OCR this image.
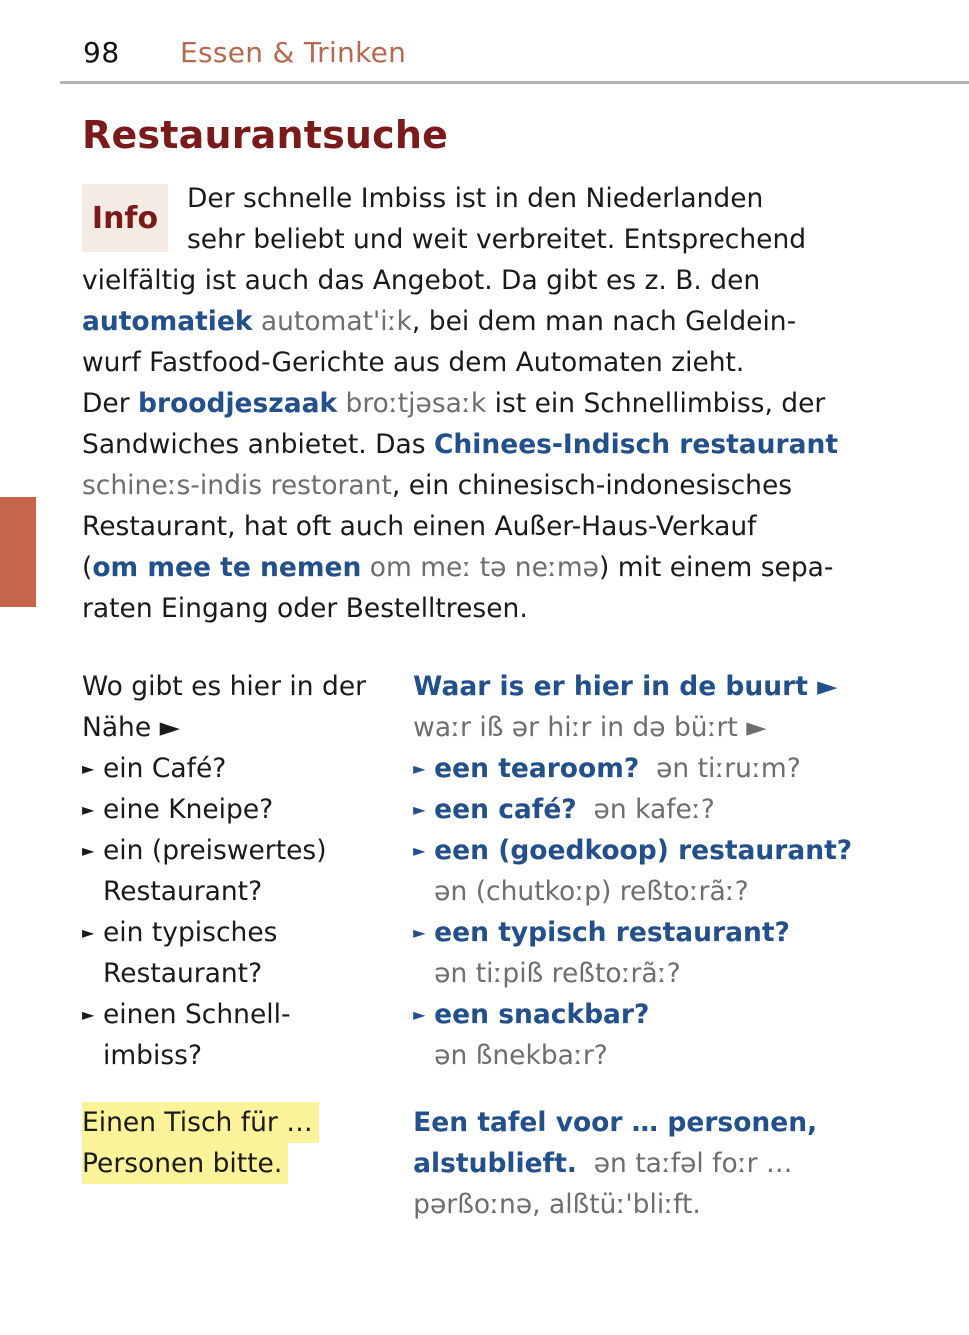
98 Essen & Trinken
Restaurantsuche
Info
Der schnelle Imbiss ist in den Niederlanden
sehr beliebt und weit verbreitet. Entsprechend
vielfältig ist auch das Angebot. Da gibt es z. B. den
automatiek automat'iːk, bei dem man nach Geldein-
wurf Fastfood-Gerichte aus dem Automaten zieht.
Der broodjeszaak broːtjəsaːk ist ein Schnellimbiss, der
Sandwiches anbietet. Das Chinees-Indisch restaurant
schineːs-indis restorant, ein chinesisch-indonesisches
Restaurant, hat oft auch einen Außer-Haus-Verkauf
(om mee te nemen om meː tə neːmə) mit einem sepa-
raten Eingang oder Bestelltresen.
Wo gibt es hier in der
Nähe ►
Waar is er hier in de buurt ►
waːr iß ər hiːr in də büːrt ►
► ein Café?	► een tearoom? ən tiːruːm?
► eine Kneipe?	► een café? ən kafeː?
► ein (preiswertes)
Restaurant?
► een (goedkoop) restaurant?
ən (chutkoːp) reßtoːrãː?
► ein typisches
Restaurant?
► een typisch restaurant?
ən tiːpiß reßtoːrãː?
► einen Schnell-
imbiss?
► een snackbar?
ən ßnekbaːr?
Einen Tisch für …
Personen bitte.
Een tafel voor … personen,
alstublieft. ən taːfəl foːr …
pərßoːnə, alßtüː'bliːft.
